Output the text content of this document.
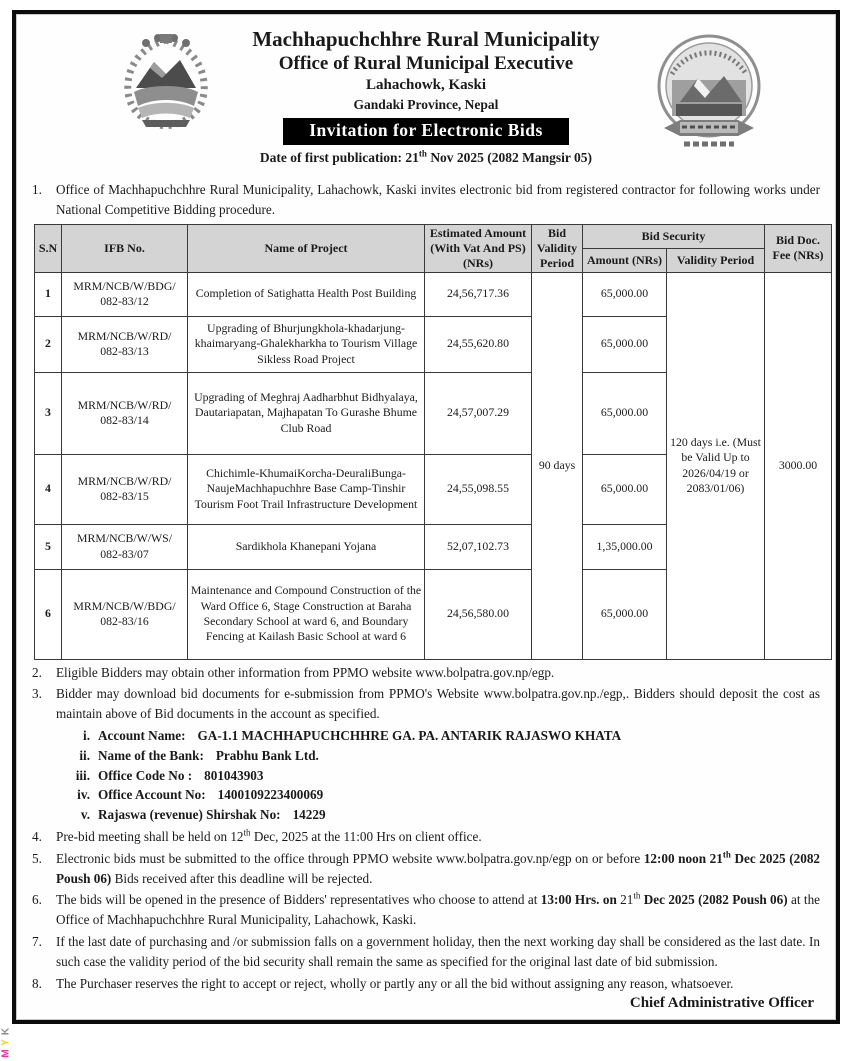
Machhapuchchhre Rural Municipality
Office of Rural Municipal Executive
Lahachowk, Kaski
Gandaki Province, Nepal
Invitation for Electronic Bids
Date of first publication: 21th Nov 2025 (2082 Mangsir 05)
1.	Office of Machhapuchchhre Rural Municipality, Lahachowk, Kaski invites electronic bid from registered contractor for following works under National Competitive Bidding procedure.
S.N	IFB No.	Name of Project	Estimated Amount (With Vat And PS) (NRs)	Bid Validity Period	Bid Security		Bid Doc. Fee (NRs)
					Amount (NRs)	Validity Period	
1	MRM/NCB/W/BDG/
082-83/12	Completion of Satighatta Health Post Building	24,56,717.36	90 days	65,000.00	120 days i.e. (Must be Valid Up to 2026/04/19 or 2083/01/06)	3000.00
2	MRM/NCB/W/RD/
082-83/13	Upgrading of Bhurjungkhola-khadarjung-khaimaryang-Ghalekharkha to Tourism Village Sikless Road Project	24,55,620.80		65,000.00		
3	MRM/NCB/W/RD/
082-83/14	Upgrading of Meghraj Aadharbhut Bidhyalaya, Dautariapatan, Majhapatan To Gurashe Bhume Club Road	24,57,007.29		65,000.00		
4	MRM/NCB/W/RD/
082-83/15	Chichimle-KhumaiKorcha-DeuraliBunga-NaujeMachhapuchhre Base Camp-Tinshir Tourism Foot Trail Infrastructure Development	24,55,098.55		65,000.00		
5	MRM/NCB/W/WS/
082-83/07	Sardikhola Khanepani Yojana	52,07,102.73		1,35,000.00		
6	MRM/NCB/W/BDG/
082-83/16	Maintenance and Compound Construction of the Ward Office 6, Stage Construction at Baraha Secondary School at ward 6, and Boundary Fencing at Kailash Basic School at ward 6	24,56,580.00		65,000.00		
2.	Eligible Bidders may obtain other information from PPMO website www.bolpatra.gov.np/egp.
3.	Bidder may download bid documents for e-submission from PPMO's Website www.bolpatra.gov.np./egp,. Bidders should deposit the cost as maintain above of Bid documents in the account as specified.
i. Account Name: GA-1.1 MACHHAPUCHCHHRE GA. PA. ANTARIK RAJASWO KHATA
ii. Name of the Bank: Prabhu Bank Ltd.
iii. Office Code No : 801043903
iv. Office Account No: 1400109223400069
v. Rajaswa (revenue) Shirshak No: 14229
4.	Pre-bid meeting shall be held on 12th Dec, 2025 at the 11:00 Hrs on client office.
5.	Electronic bids must be submitted to the office through PPMO website www.bolpatra.gov.np/egp on or before 12:00 noon 21th Dec 2025 (2082 Poush 06) Bids received after this deadline will be rejected.
6.	The bids will be opened in the presence of Bidders' representatives who choose to attend at 13:00 Hrs. on 21th Dec 2025 (2082 Poush 06) at the Office of Machhapuchchhre Rural Municipality, Lahachowk, Kaski.
7.	If the last date of purchasing and /or submission falls on a government holiday, then the next working day shall be considered as the last date. In such case the validity period of the bid security shall remain the same as specified for the original last date of bid submission.
8.	The Purchaser reserves the right to accept or reject, wholly or partly any or all the bid without assigning any reason, whatsoever.
Chief Administrative Officer
K
Y
M
